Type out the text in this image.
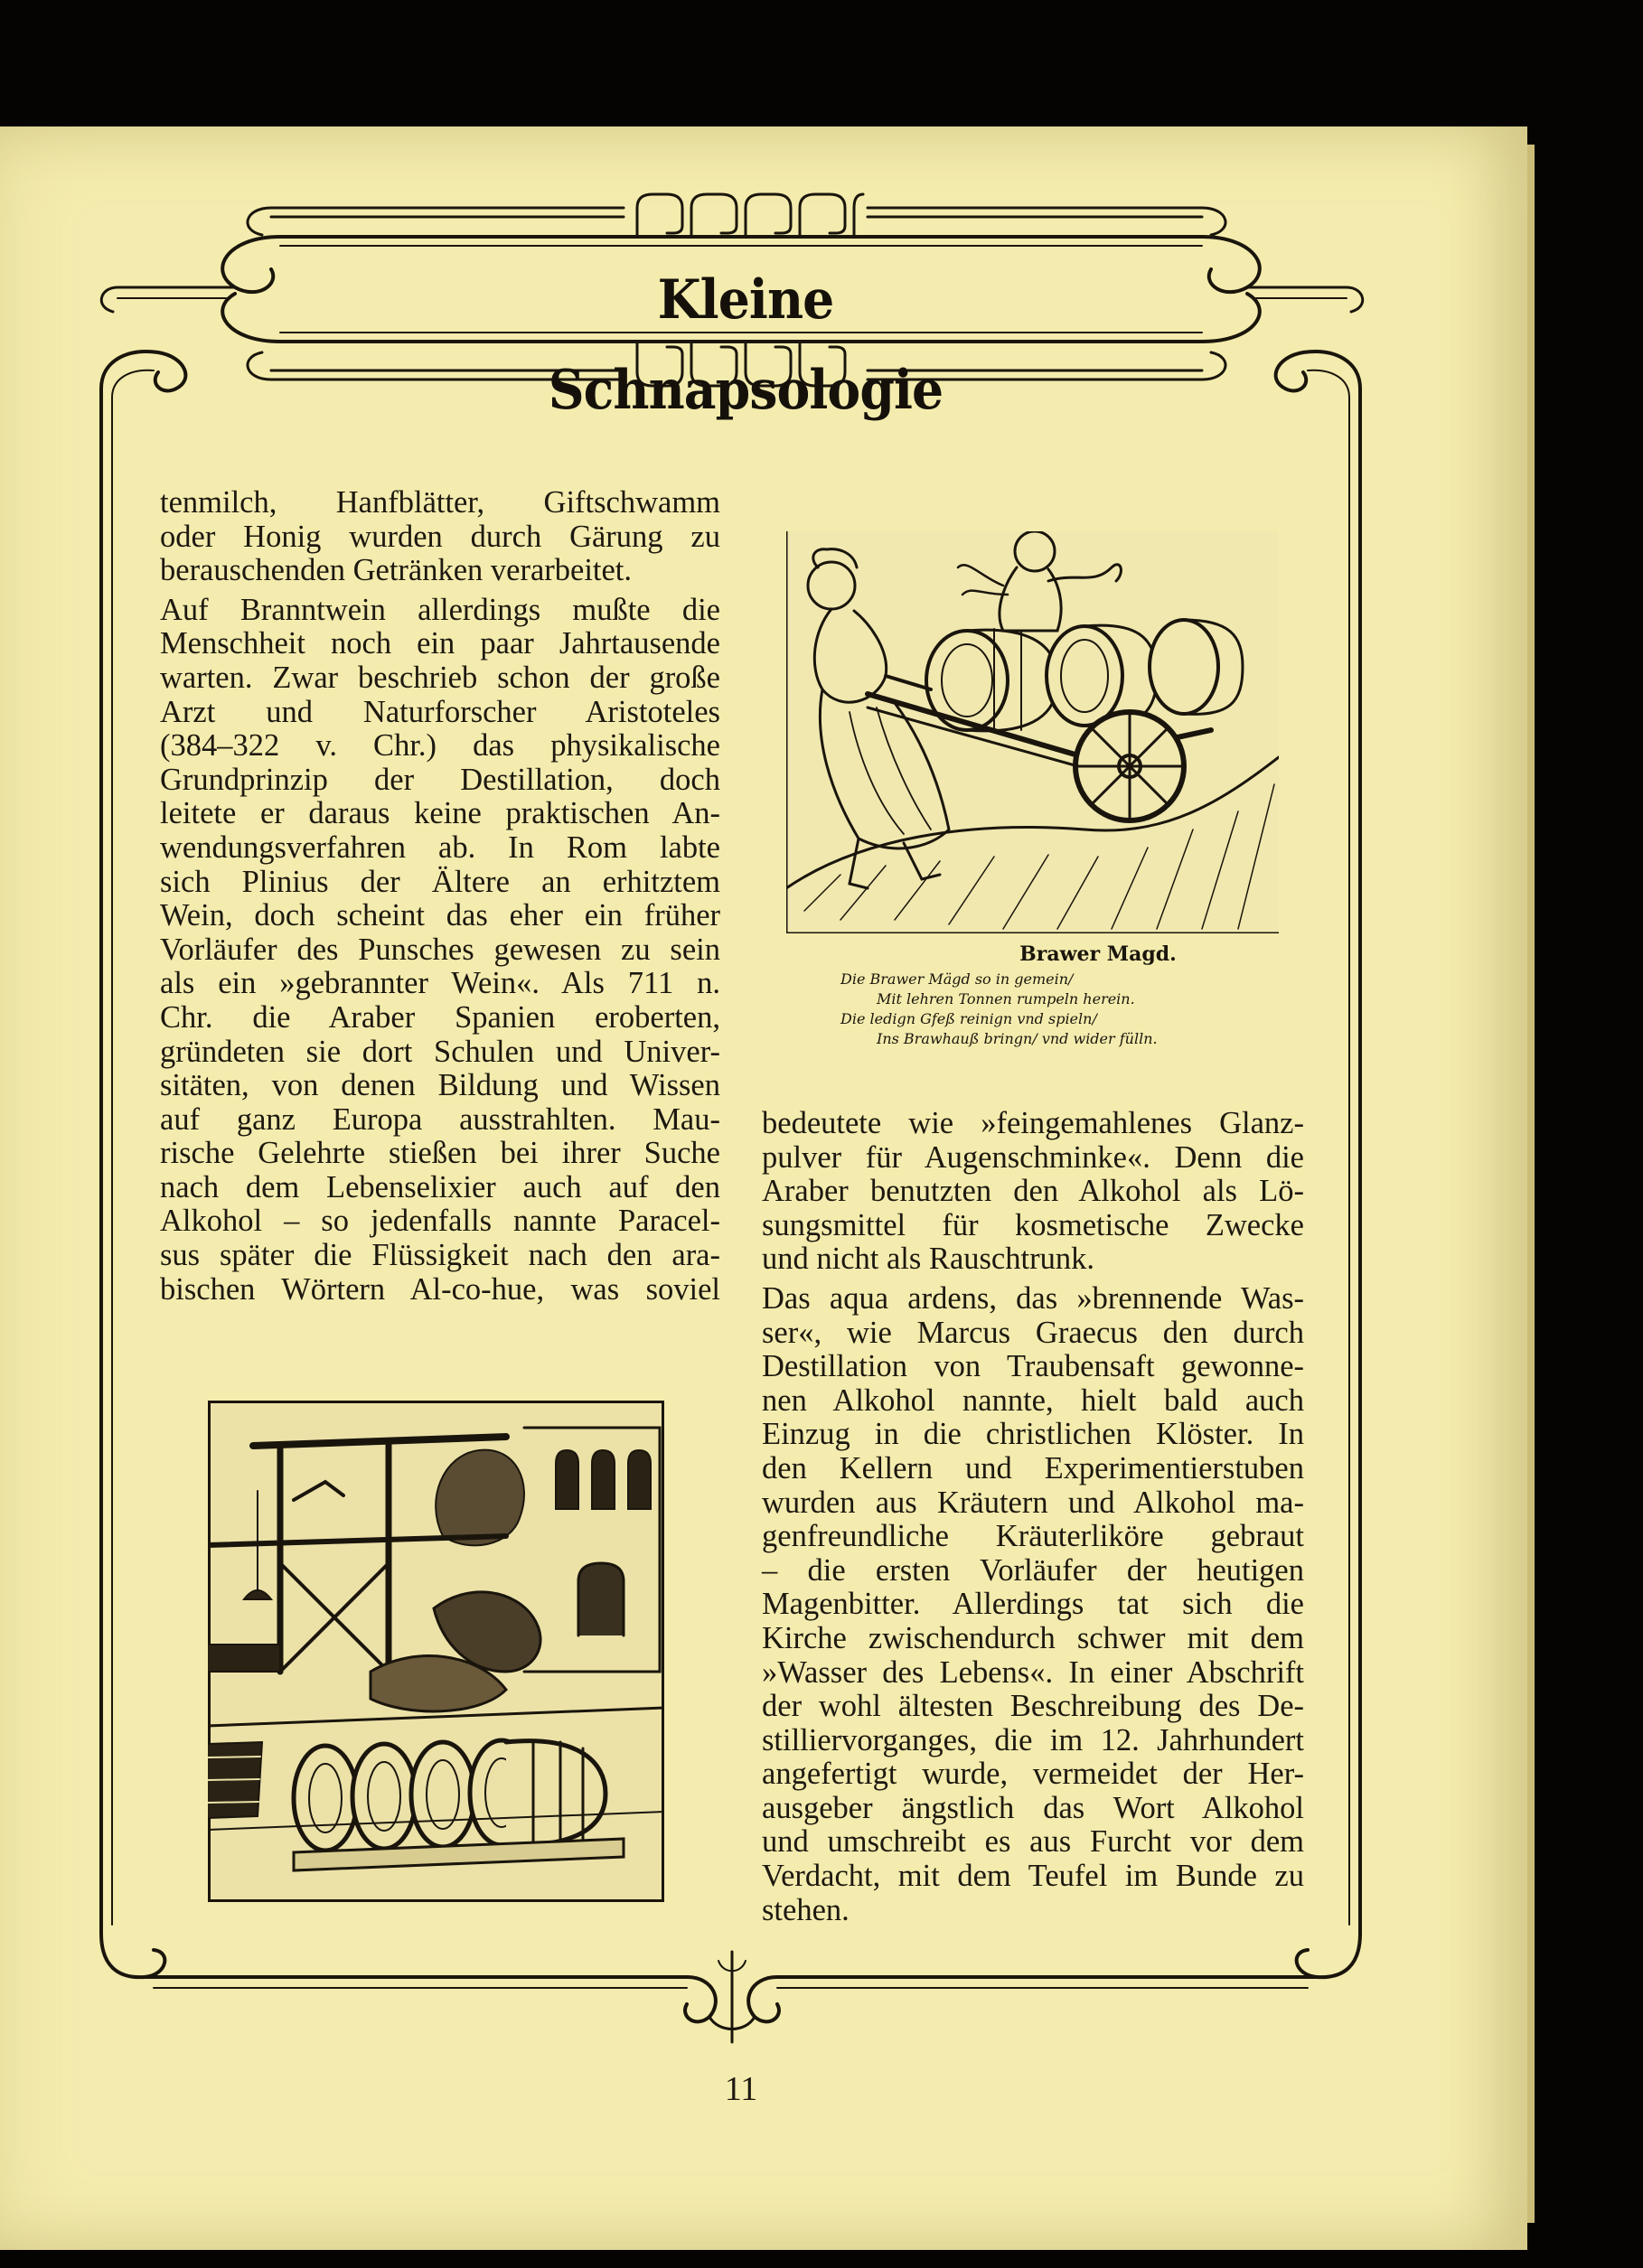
Kleine Schnapsologie
tenmilch, Hanfblätter, Giftschwamm
oder Honig wurden durch Gärung zu
berauschenden Getränken verarbeitet.
Auf Branntwein allerdings mußte die
Menschheit noch ein paar Jahrtausende
warten. Zwar beschrieb schon der große
Arzt und Naturforscher Aristoteles
(384–322 v. Chr.) das physikalische
Grundprinzip der Destillation, doch
leitete er daraus keine praktischen An-
wendungsverfahren ab. In Rom labte
sich Plinius der Ältere an erhitztem
Wein, doch scheint das eher ein früher
Vorläufer des Punsches gewesen zu sein
als ein »gebrannter Wein«. Als 711 n.
Chr. die Araber Spanien eroberten,
gründeten sie dort Schulen und Univer-
sitäten, von denen Bildung und Wissen
auf ganz Europa ausstrahlten. Mau-
rische Gelehrte stießen bei ihrer Suche
nach dem Lebenselixier auch auf den
Alkohol – so jedenfalls nannte Paracel-
sus später die Flüssigkeit nach den ara-
bischen Wörtern Al-co-hue, was soviel
Brawer Magd.
Die Brawer Mägd so in gemein/
Mit lehren Tonnen rumpeln herein.
Die ledign Gfeß reinign vnd spieln/
Ins Brawhauß bringn/ vnd wider fülln.
bedeutete wie »feingemahlenes Glanz-
pulver für Augenschminke«. Denn die
Araber benutzten den Alkohol als Lö-
sungsmittel für kosmetische Zwecke
und nicht als Rauschtrunk.
Das aqua ardens, das »brennende Was-
ser«, wie Marcus Graecus den durch
Destillation von Traubensaft gewonne-
nen Alkohol nannte, hielt bald auch
Einzug in die christlichen Klöster. In
den Kellern und Experimentierstuben
wurden aus Kräutern und Alkohol ma-
genfreundliche Kräuterliköre gebraut
– die ersten Vorläufer der heutigen
Magenbitter. Allerdings tat sich die
Kirche zwischendurch schwer mit dem
»Wasser des Lebens«. In einer Abschrift
der wohl ältesten Beschreibung des De-
stilliervorganges, die im 12. Jahrhundert
angefertigt wurde, vermeidet der Her-
ausgeber ängstlich das Wort Alkohol
und umschreibt es aus Furcht vor dem
Verdacht, mit dem Teufel im Bunde zu
stehen.
11
